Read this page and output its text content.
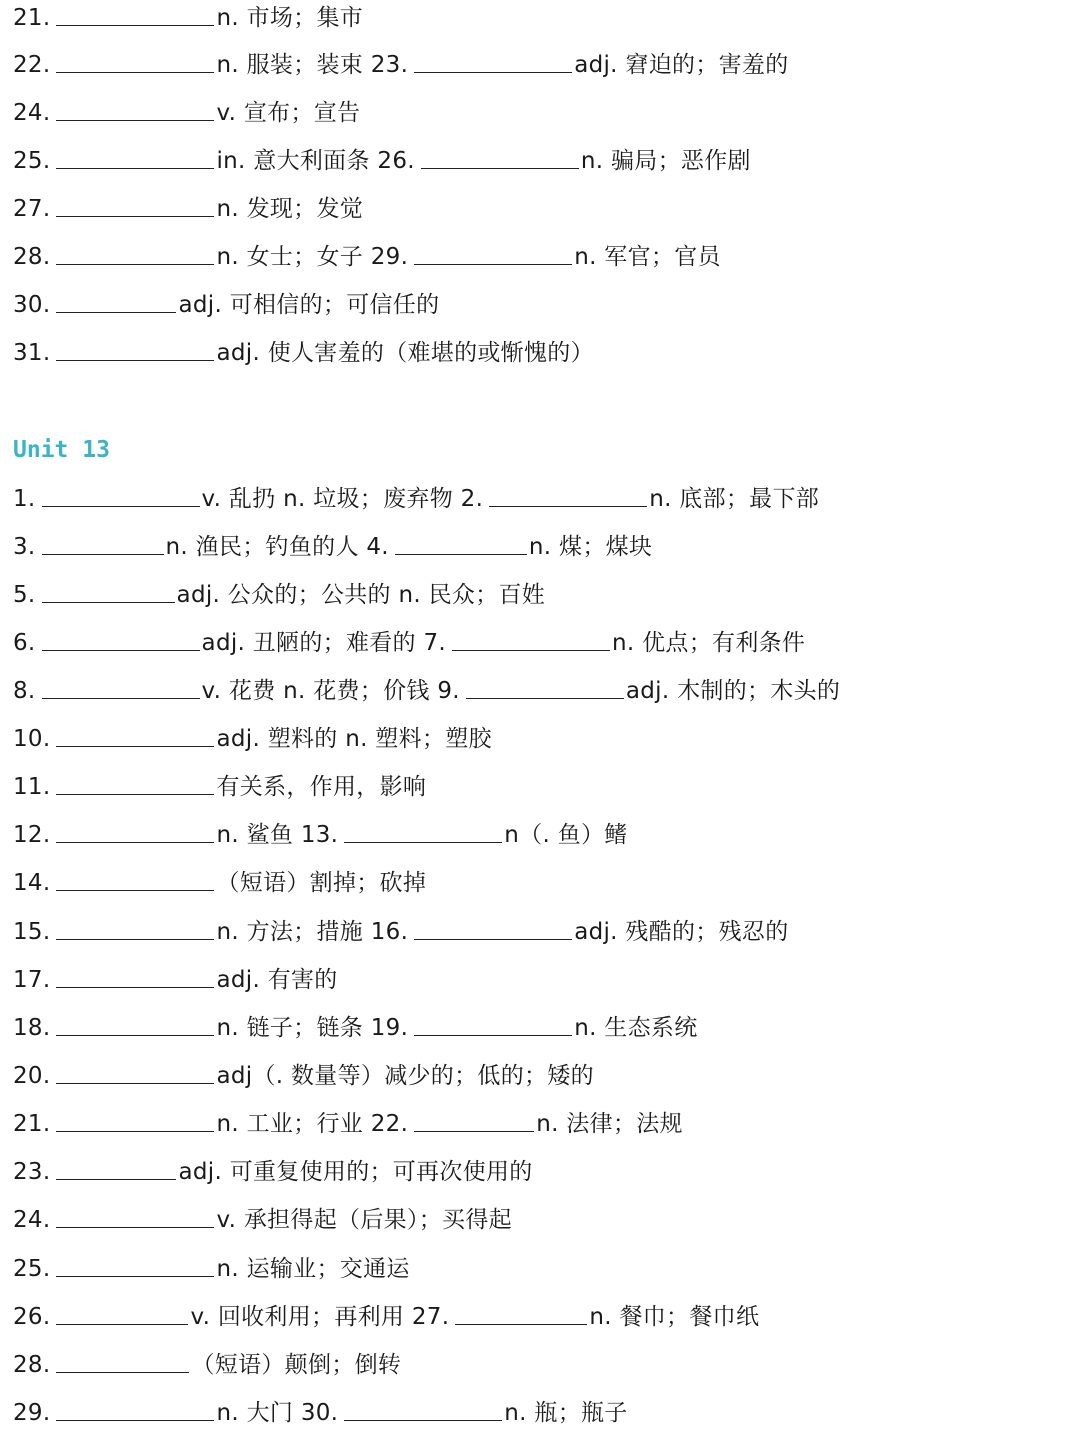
21.	n. 市场；集市
22.	n. 服装；装束 23.	adj. 窘迫的；害羞的
24.	v. 宣布；宣告
25.	in. 意大利面条 26.	n. 骗局；恶作剧
27.	n. 发现；发觉
28.	n. 女士；女子 29.	n. 军官；官员
30.	adj. 可相信的；可信任的
31.	adj. 使人害羞的（难堪的或惭愧的）
Unit 13
1.	v. 乱扔 n. 垃圾；废弃物 2.	n. 底部；最下部
3.	n. 渔民；钓鱼的人 4.	n. 煤；煤块
5.	adj. 公众的；公共的 n. 民众；百姓
6.	adj. 丑陋的；难看的 7.	n. 优点；有利条件
8.	v. 花费 n. 花费；价钱 9.	adj. 木制的；木头的
10.	adj. 塑料的 n. 塑料；塑胶
11.	有关系，作用，影响
12.	n. 鲨鱼 13.	n（. 鱼）鳍
14.	（短语）割掉；砍掉
15.	n. 方法；措施 16.	adj. 残酷的；残忍的
17.	adj. 有害的
18.	n. 链子；链条 19.	n. 生态系统
20.	adj（. 数量等）减少的；低的；矮的
21.	n. 工业；行业 22.	n. 法律；法规
23.	adj. 可重复使用的；可再次使用的
24.	v. 承担得起（后果）；买得起
25.	n. 运输业；交通运
26.	v. 回收利用；再利用 27.	n. 餐巾；餐巾纸
28.	（短语）颠倒；倒转
29.	n. 大门 30.	n. 瓶；瓶子
